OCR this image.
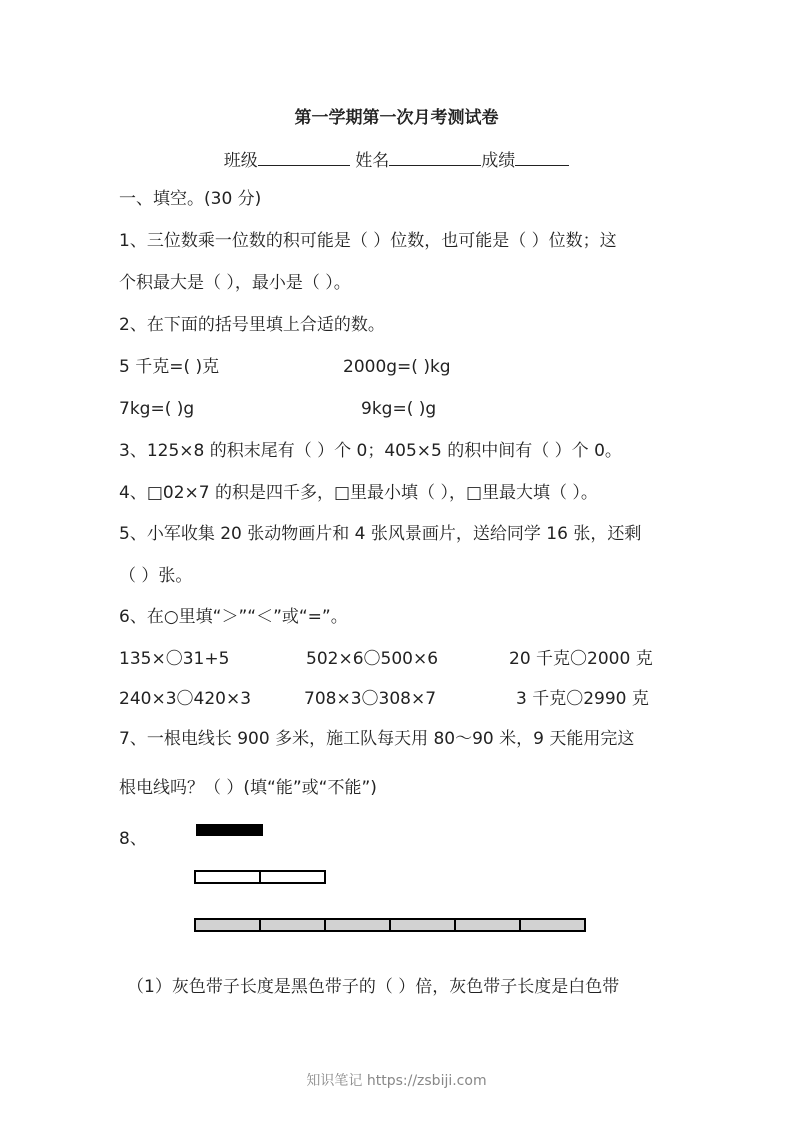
第一学期第一次月考测试卷
班级	姓名	成绩
一、填空。(30 分)
1、三位数乘一位数的积可能是（ ）位数，也可能是（ ）位数；这
个积最大是（ ），最小是（ ）。
2、在下面的括号里填上合适的数。
5 千克=( )克	2000g=( )kg
7kg=( )g	9kg=( )g
3、125×8 的积末尾有（ ）个 0；405×5 的积中间有（ ）个 0。
4、□02×7 的积是四千多，□里最小填（ ），□里最大填（ ）。
5、小军收集 20 张动物画片和 4 张风景画片，送给同学 16 张，还剩
（ ）张。
6、在○里填“＞”“＜”或“=”。
135×〇31+5	502×6〇500×6	20 千克〇2000 克
240×3〇420×3	708×3〇308×7	3 千克〇2990 克
7、一根电线长 900 多米，施工队每天用 80～90 米，9 天能用完这
根电线吗？（ ）(填“能”或“不能”)
8、
（1）灰色带子长度是黑色带子的（ ）倍，灰色带子长度是白色带
知识笔记 https://zsbiji.com
